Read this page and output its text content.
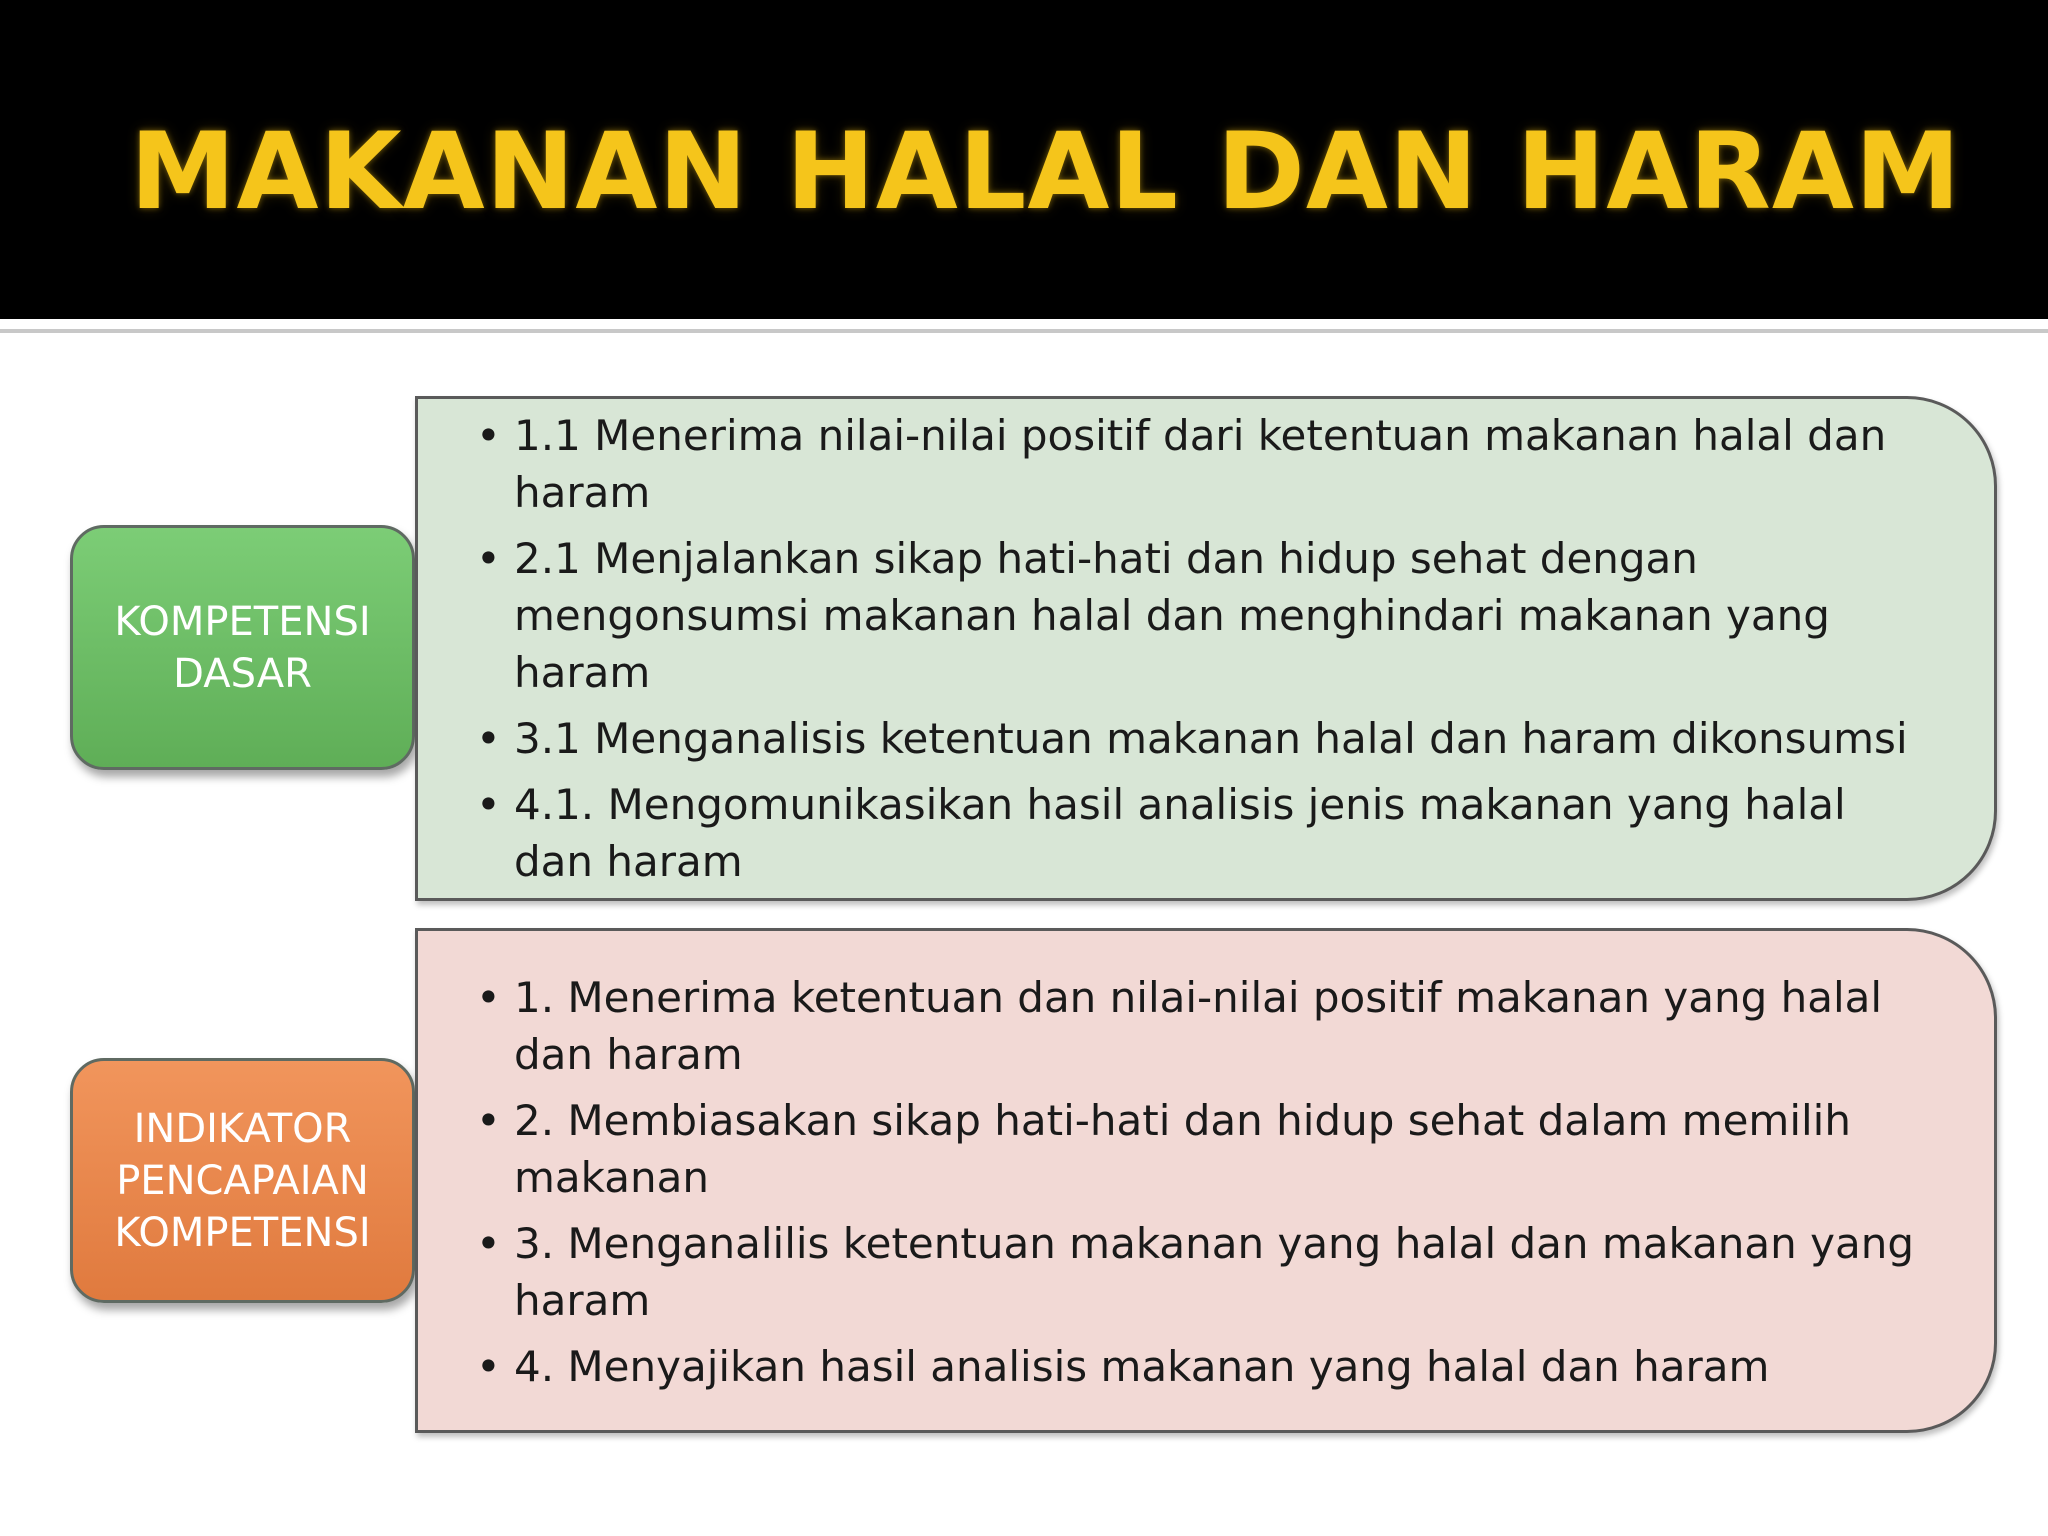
MAKANAN HALAL DAN HARAM
KOMPETENSI DASAR
• 1.1 Menerima nilai-nilai positif dari ketentuan makanan halal dan haram
• 2.1 Menjalankan sikap hati-hati dan hidup sehat dengan mengonsumsi makanan halal dan menghindari makanan yang haram
• 3.1 Menganalisis ketentuan makanan halal dan haram dikonsumsi
• 4.1. Mengomunikasikan hasil analisis jenis makanan yang halal dan haram
INDIKATOR PENCAPAIAN KOMPETENSI
• 1. Menerima ketentuan dan nilai-nilai positif makanan yang halal dan haram
• 2. Membiasakan sikap hati-hati dan hidup sehat dalam memilih makanan
• 3. Menganalilis ketentuan makanan yang halal dan makanan yang haram
• 4. Menyajikan hasil analisis makanan yang halal dan haram
